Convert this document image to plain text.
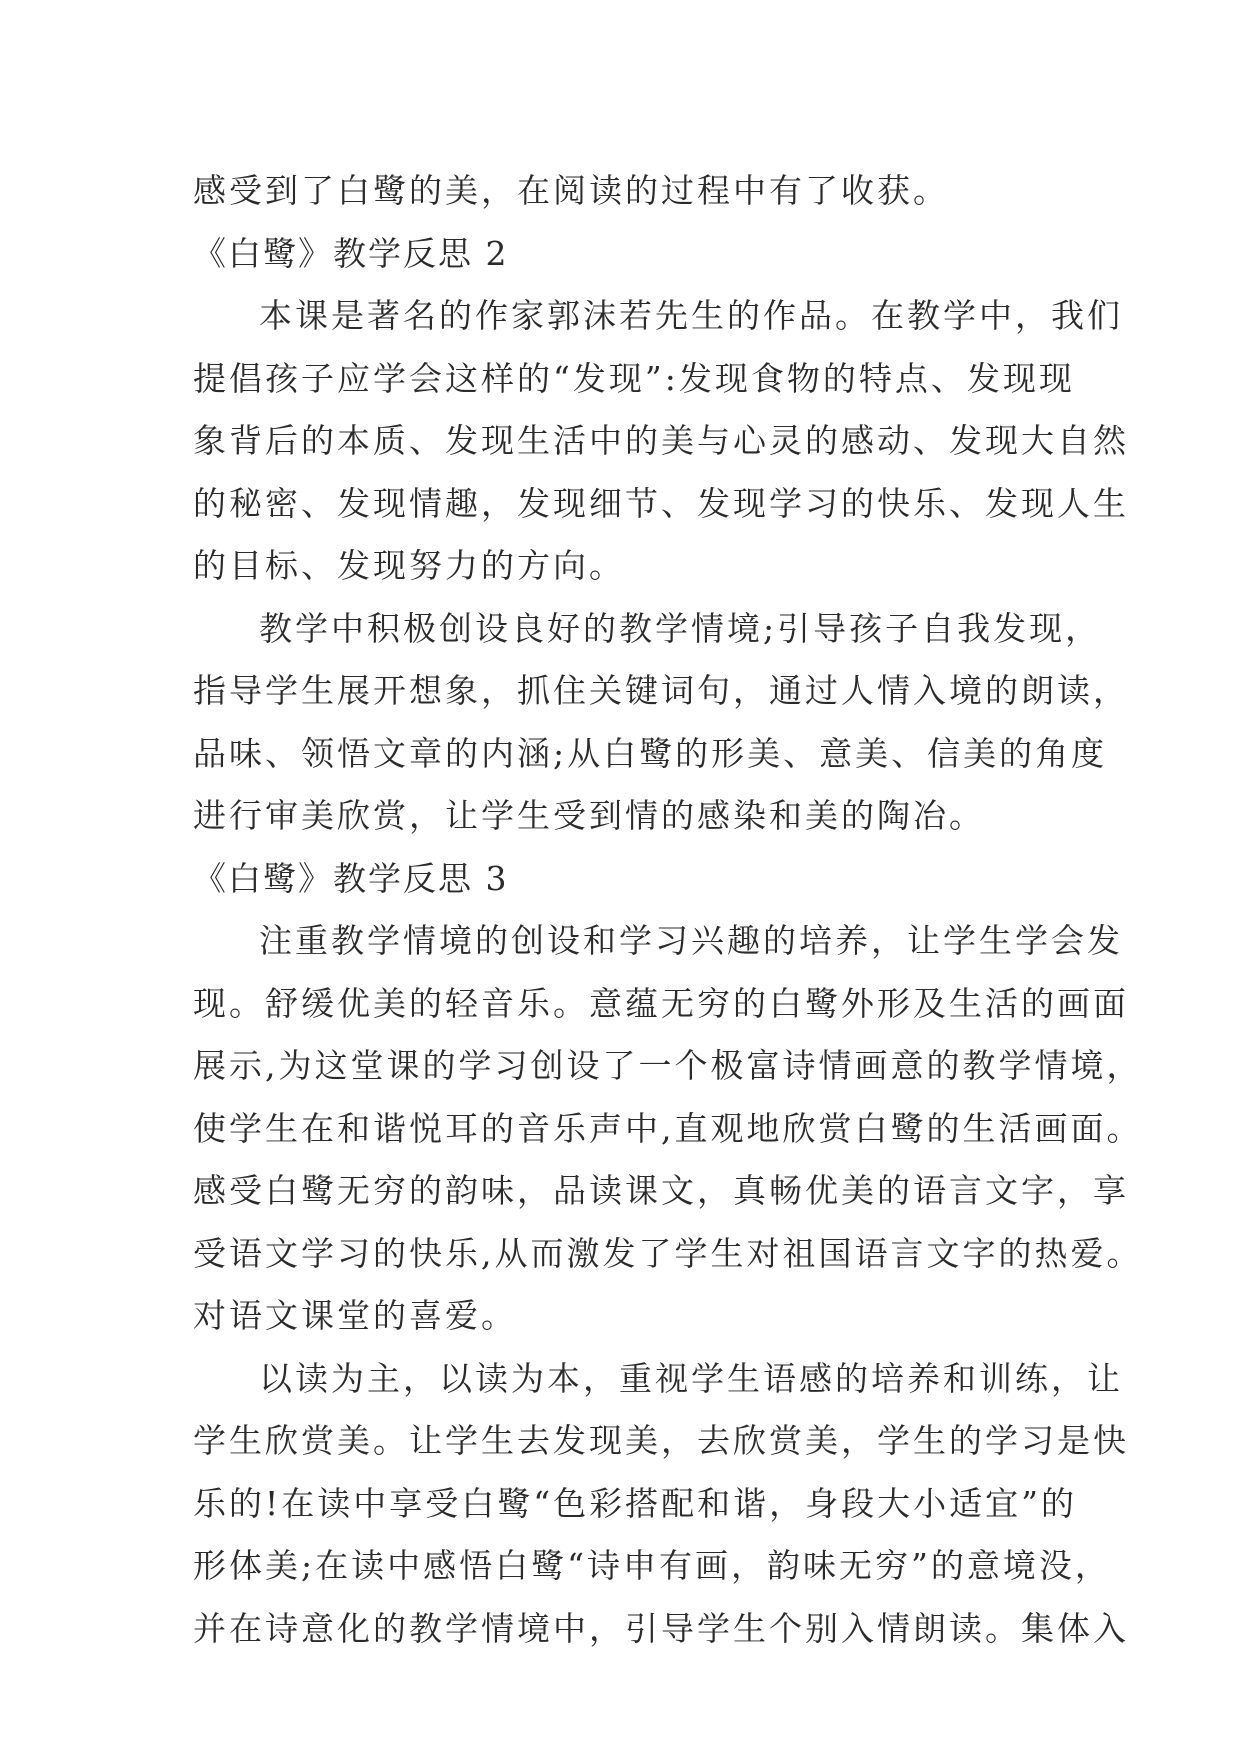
感受到了白鹭的美，在阅读的过程中有了收获。
《白鹭》教学反思 2
本课是著名的作家郭沫若先生的作品。在教学中，我们
提倡孩子应学会这样的“发现”:发现食物的特点、发现现
象背后的本质、发现生活中的美与心灵的感动、发现大自然
的秘密、发现情趣，发现细节、发现学习的快乐、发现人生
的目标、发现努力的方向。
教学中积极创设良好的教学情境;引导孩子自我发现，
指导学生展开想象，抓住关键词句，通过人情入境的朗读，
品味、领悟文章的内涵;从白鹭的形美、意美、信美的角度
进行审美欣赏，让学生受到情的感染和美的陶冶。
《白鹭》教学反思 3
注重教学情境的创设和学习兴趣的培养，让学生学会发
现。舒缓优美的轻音乐。意蕴无穷的白鹭外形及生活的画面
展示,为这堂课的学习创设了一个极富诗情画意的教学情境，
使学生在和谐悦耳的音乐声中,直观地欣赏白鹭的生活画面。
感受白鹭无穷的韵味，品读课文，真畅优美的语言文字，享
受语文学习的快乐,从而激发了学生对祖国语言文字的热爱。
对语文课堂的喜爱。
以读为主，以读为本，重视学生语感的培养和训练，让
学生欣赏美。让学生去发现美，去欣赏美，学生的学习是快
乐的!在读中享受白鹭“色彩搭配和谐，身段大小适宜”的
形体美;在读中感悟白鹭“诗申有画，韵味无穷”的意境没，
并在诗意化的教学情境中，引导学生个别入情朗读。集体入
